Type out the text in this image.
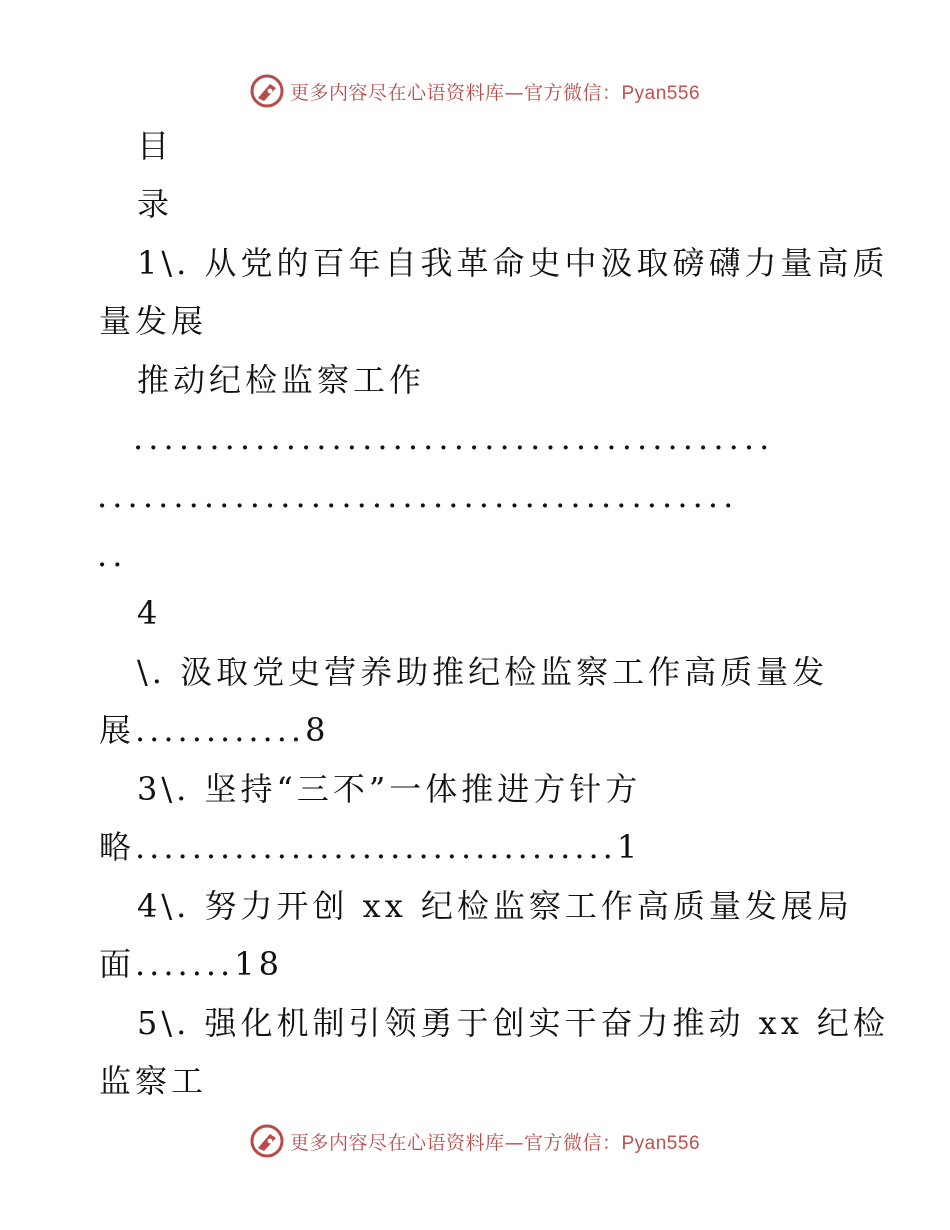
更多内容尽在心语资料库—官方微信：Pyan556
目
录
1\. 从党的百年自我革命史中汲取磅礴力量高质
量发展
推动纪检监察工作
..........................................
..........................................
..
4
\. 汲取党史营养助推纪检监察工作高质量发
展............8
3\. 坚持“三不”一体推进方针方
略..................................1
4\. 努力开创 xx 纪检监察工作高质量发展局
面.......18
5\. 强化机制引领勇于创实干奋力推动 xx 纪检
监察工
更多内容尽在心语资料库—官方微信：Pyan556
